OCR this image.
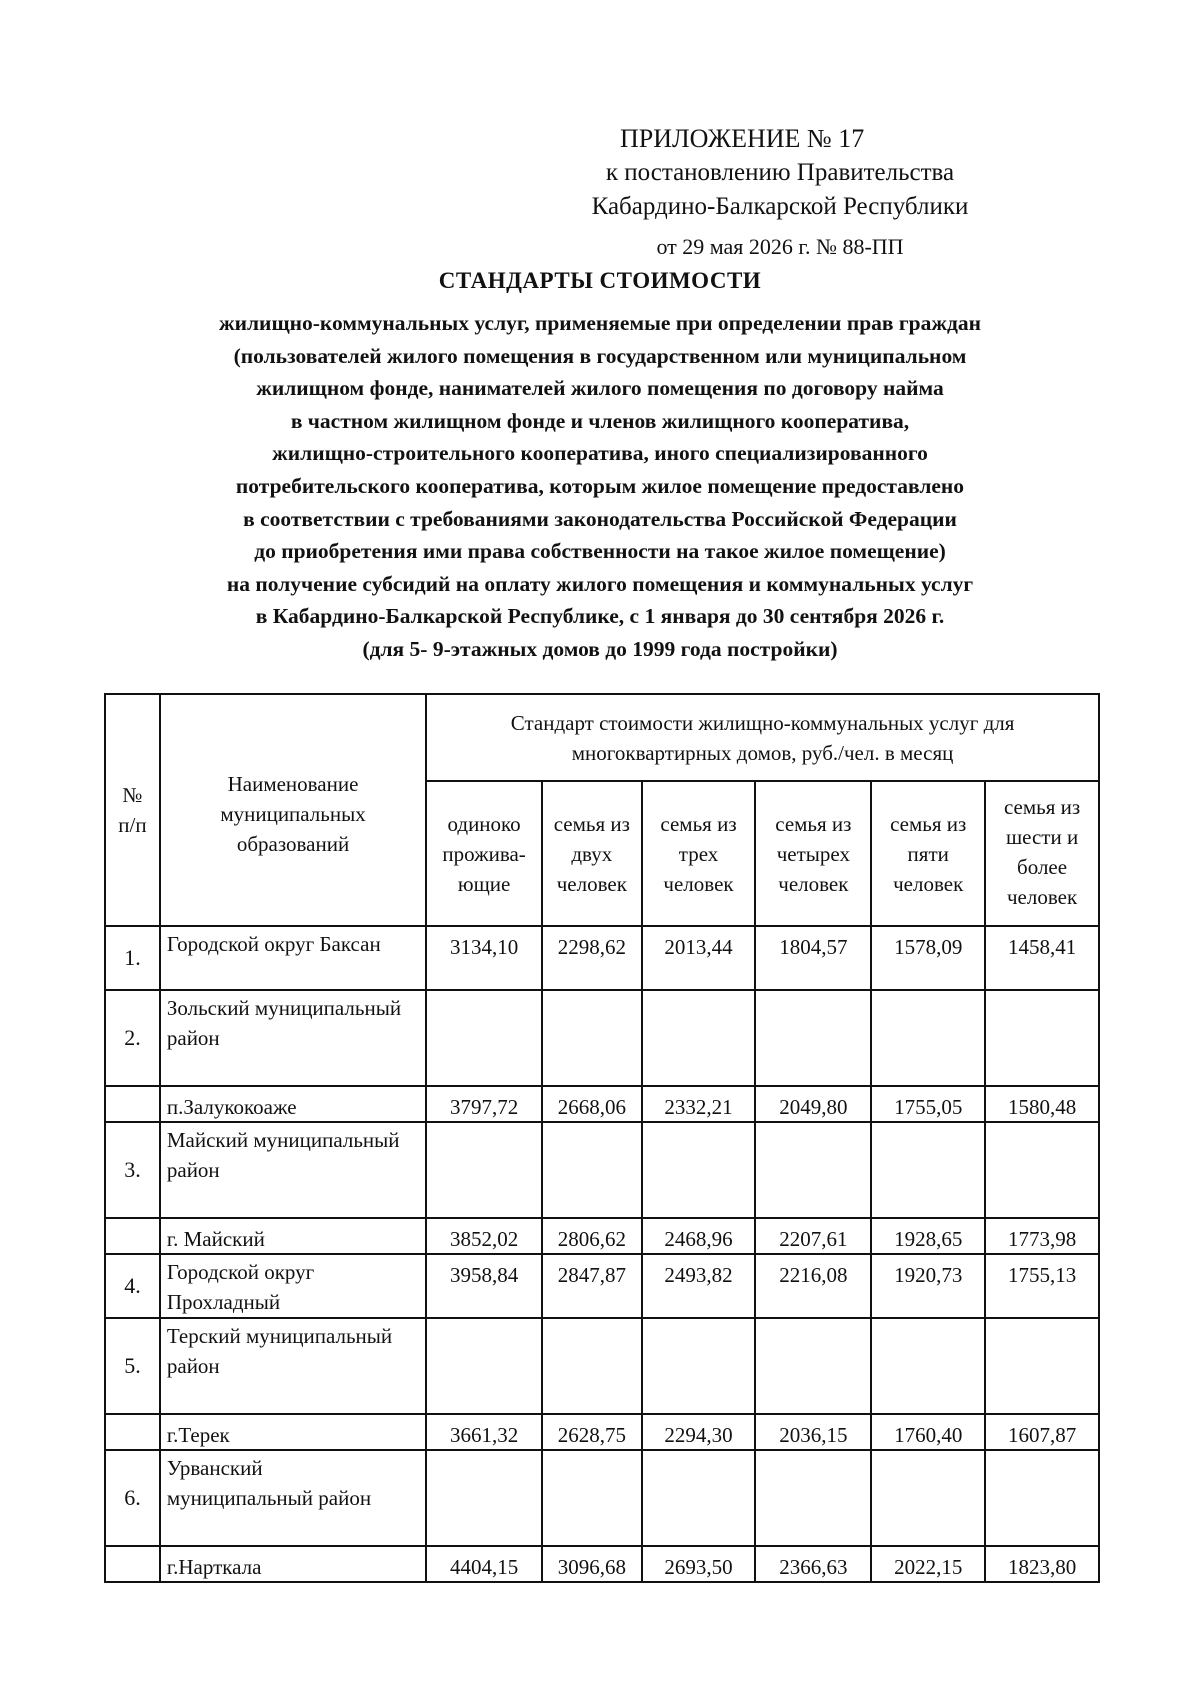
ПРИЛОЖЕНИЕ № 17
к постановлению Правительства
Кабардино-Балкарской Республики
от 29 мая 2026 г. № 88-ПП
СТАНДАРТЫ СТОИМОСТИ
жилищно-коммунальных услуг, применяемые при определении прав граждан
(пользователей жилого помещения в государственном или муниципальном
жилищном фонде, нанимателей жилого помещения по договору найма
в частном жилищном фонде и членов жилищного кооператива,
жилищно-строительного кооператива, иного специализированного
потребительского кооператива, которым жилое помещение предоставлено
в соответствии с требованиями законодательства Российской Федерации
до приобретения ими права собственности на такое жилое помещение)
на получение субсидий на оплату жилого помещения и коммунальных услуг
в Кабардино-Балкарской Республике, с 1 января до 30 сентября 2026 г.
(для 5- 9-этажных домов до 1999 года постройки)
№ п/п	Наименование муниципальных образований	Стандарт стоимости жилищно-коммунальных услуг для многоквартирных домов, руб./чел. в месяц					

		одиноко прожива-ющие	семья из двух человек	семья из трех человек	семья из четырех человек	семья из пяти человек	семья из шести и более человек

1.	Городской округ Баксан	3134,10	2298,62	2013,44	1804,57	1578,09	1458,41

2.	Зольский муниципальный район						
	п.Залукокоаже	3797,72	2668,06	2332,21	2049,80	1755,05	1580,48

3.	Майский муниципальный район						
	г. Майский	3852,02	2806,62	2468,96	2207,61	1928,65	1773,98

4.	Городской округ Прохладный	3958,84	2847,87	2493,82	2216,08	1920,73	1755,13

5.	Терский муниципальный район						
	г.Терек	3661,32	2628,75	2294,30	2036,15	1760,40	1607,87

6.	Урванский муниципальный район						
	г.Нарткала	4404,15	3096,68	2693,50	2366,63	2022,15	1823,80
